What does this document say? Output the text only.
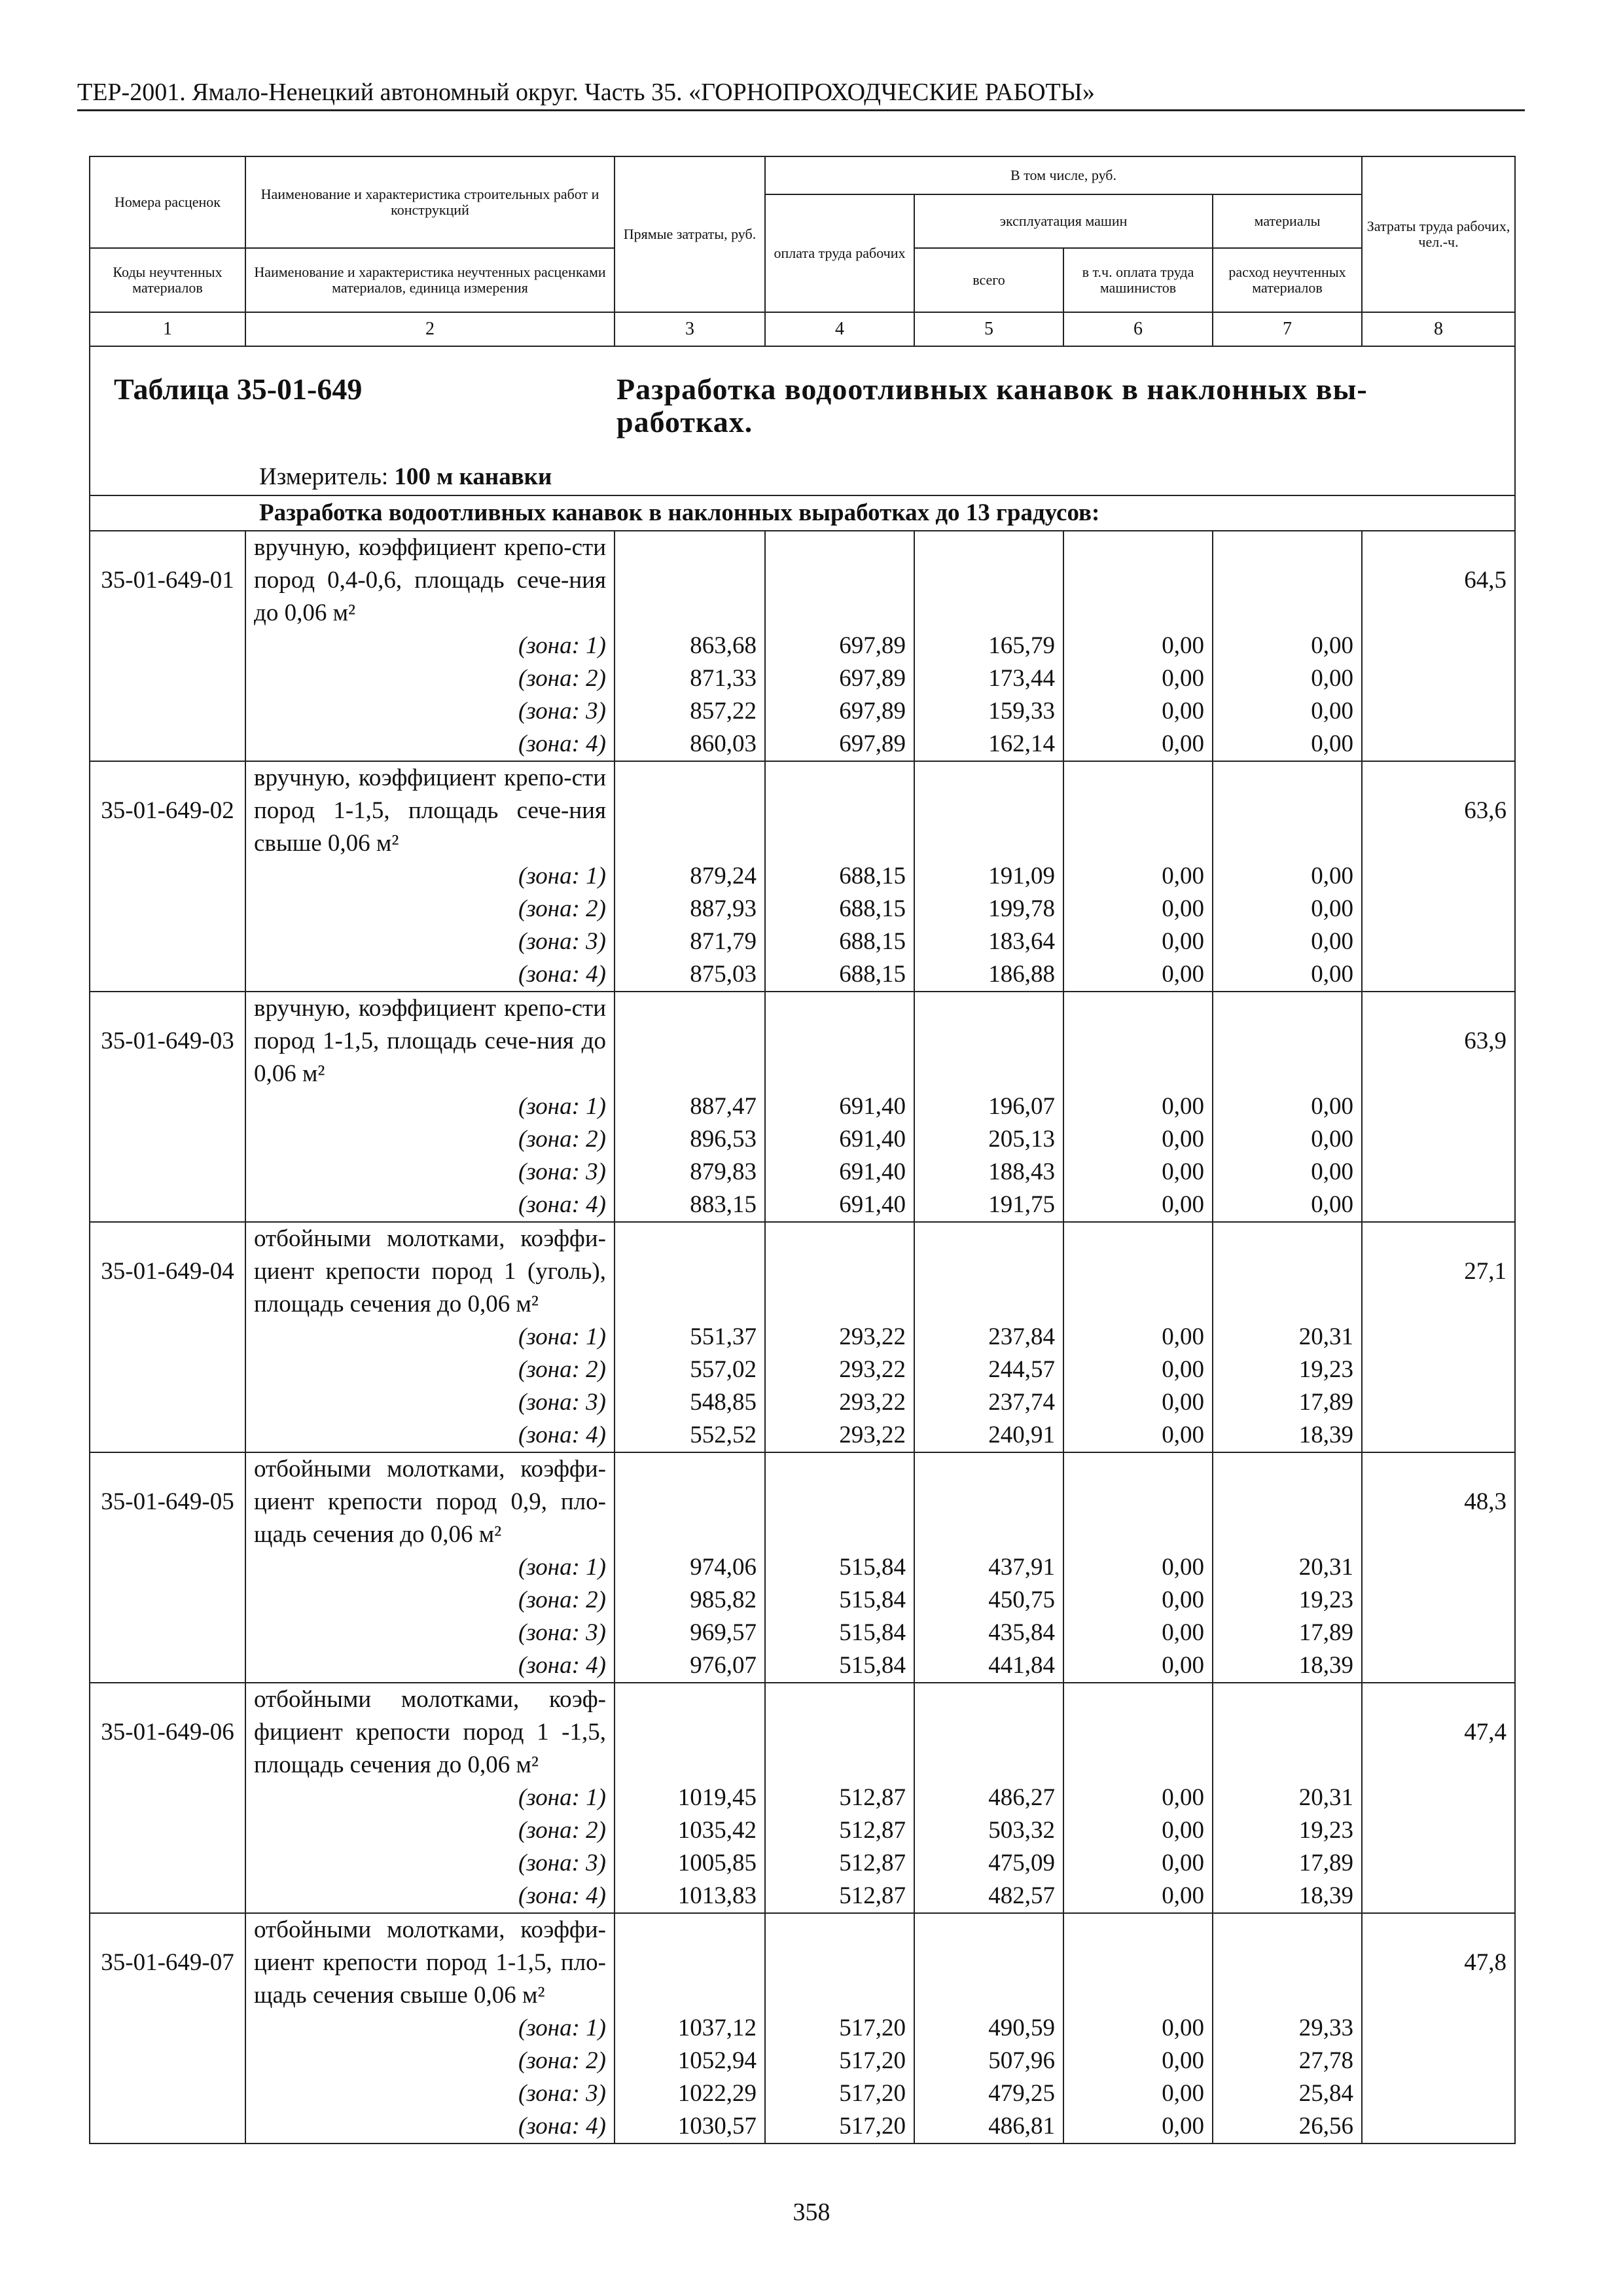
ТЕР-2001. Ямало-Ненецкий автономный округ. Часть 35. «ГОРНОПРОХОДЧЕСКИЕ РАБОТЫ»
Номера расценок	Наименование и характеристика строительных работ и конструкций	Прямые затраты, руб.	В том числе, руб.				Затраты труда рабочих, чел.-ч.
			оплата труда рабочих	эксплуатация машин		материалы	
Коды неучтенных материалов	Наименование и характеристика неучтенных расценками материалов, единица измерения			всего	в т.ч. оплата труда машинистов	расход неучтенных материалов	
1	2	3	4	5	6	7	8
Таблица 35-01-649 Разработка водоотливных канавок в наклонных вы-работках.							

Измеритель: 100 м канавки							

Разработка водоотливных канавок в наклонных выработках до 13 градусов:							

35-01-649-01	вручную, коэффициент крепо-сти пород 0,4-0,6, площадь сече-ния до 0,06 м²						64,5
	(зона: 1)	863,68	697,89	165,79	0,00	0,00	
	(зона: 2)	871,33	697,89	173,44	0,00	0,00	
	(зона: 3)	857,22	697,89	159,33	0,00	0,00	
	(зона: 4)	860,03	697,89	162,14	0,00	0,00	
35-01-649-02	вручную, коэффициент крепо-сти пород 1-1,5, площадь сече-ния свыше 0,06 м²						63,6
	(зона: 1)	879,24	688,15	191,09	0,00	0,00	
	(зона: 2)	887,93	688,15	199,78	0,00	0,00	
	(зона: 3)	871,79	688,15	183,64	0,00	0,00	
	(зона: 4)	875,03	688,15	186,88	0,00	0,00	
35-01-649-03	вручную, коэффициент крепо-сти пород 1-1,5, площадь сече-ния до 0,06 м²						63,9
	(зона: 1)	887,47	691,40	196,07	0,00	0,00	
	(зона: 2)	896,53	691,40	205,13	0,00	0,00	
	(зона: 3)	879,83	691,40	188,43	0,00	0,00	
	(зона: 4)	883,15	691,40	191,75	0,00	0,00	
35-01-649-04	отбойными молотками, коэффи-циент крепости пород 1 (уголь), площадь сечения до 0,06 м²						27,1
	(зона: 1)	551,37	293,22	237,84	0,00	20,31	
	(зона: 2)	557,02	293,22	244,57	0,00	19,23	
	(зона: 3)	548,85	293,22	237,74	0,00	17,89	
	(зона: 4)	552,52	293,22	240,91	0,00	18,39	
35-01-649-05	отбойными молотками, коэффи-циент крепости пород 0,9, пло-щадь сечения до 0,06 м²						48,3
	(зона: 1)	974,06	515,84	437,91	0,00	20,31	
	(зона: 2)	985,82	515,84	450,75	0,00	19,23	
	(зона: 3)	969,57	515,84	435,84	0,00	17,89	
	(зона: 4)	976,07	515,84	441,84	0,00	18,39	
35-01-649-06	отбойными молотками, коэф-фициент крепости пород 1 -1,5, площадь сечения до 0,06 м²						47,4
	(зона: 1)	1019,45	512,87	486,27	0,00	20,31	
	(зона: 2)	1035,42	512,87	503,32	0,00	19,23	
	(зона: 3)	1005,85	512,87	475,09	0,00	17,89	
	(зона: 4)	1013,83	512,87	482,57	0,00	18,39	
35-01-649-07	отбойными молотками, коэффи-циент крепости пород 1-1,5, пло-щадь сечения свыше 0,06 м²						47,8
	(зона: 1)	1037,12	517,20	490,59	0,00	29,33	
	(зона: 2)	1052,94	517,20	507,96	0,00	27,78	
	(зона: 3)	1022,29	517,20	479,25	0,00	25,84	
	(зона: 4)	1030,57	517,20	486,81	0,00	26,56	
358
